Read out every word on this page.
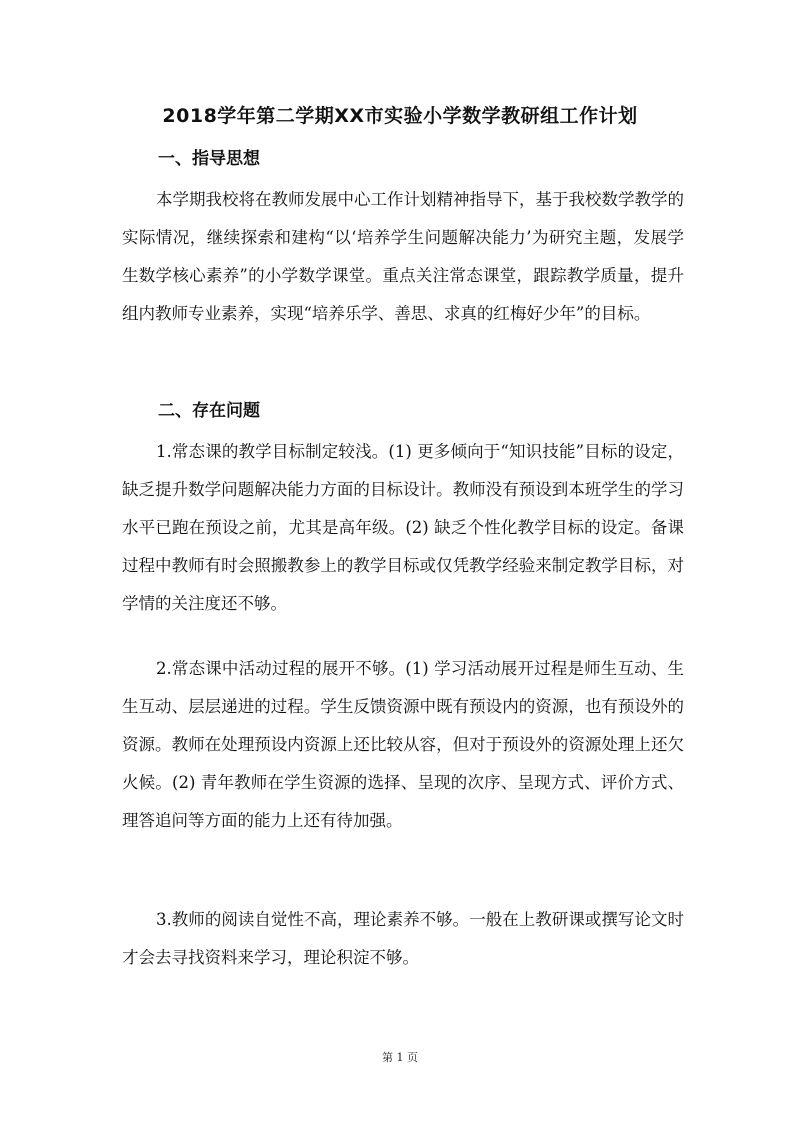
2018学年第二学期XX市实验小学数学教研组工作计划
一、指导思想

本学期我校将在教师发展中心工作计划精神指导下，基于我校数学教学的实际情况，继续探索和建构“以‘培养学生问题解决能力’为研究主题，发展学生数学核心素养”的小学数学课堂。重点关注常态课堂，跟踪教学质量，提升组内教师专业素养，实现“培养乐学、善思、求真的红梅好少年”的目标。

二、存在问题

1.常态课的教学目标制定较浅。(1) 更多倾向于“知识技能”目标的设定，缺乏提升数学问题解决能力方面的目标设计。教师没有预设到本班学生的学习水平已跑在预设之前，尤其是高年级。(2) 缺乏个性化教学目标的设定。备课过程中教师有时会照搬教参上的教学目标或仅凭教学经验来制定教学目标，对学情的关注度还不够。

2.常态课中活动过程的展开不够。(1) 学习活动展开过程是师生互动、生生互动、层层递进的过程。学生反馈资源中既有预设内的资源，也有预设外的资源。教师在处理预设内资源上还比较从容，但对于预设外的资源处理上还欠火候。(2) 青年教师在学生资源的选择、呈现的次序、呈现方式、评价方式、理答追问等方面的能力上还有待加强。

3.教师的阅读自觉性不高，理论素养不够。一般在上教研课或撰写论文时才会去寻找资料来学习，理论积淀不够。

第 1 页
